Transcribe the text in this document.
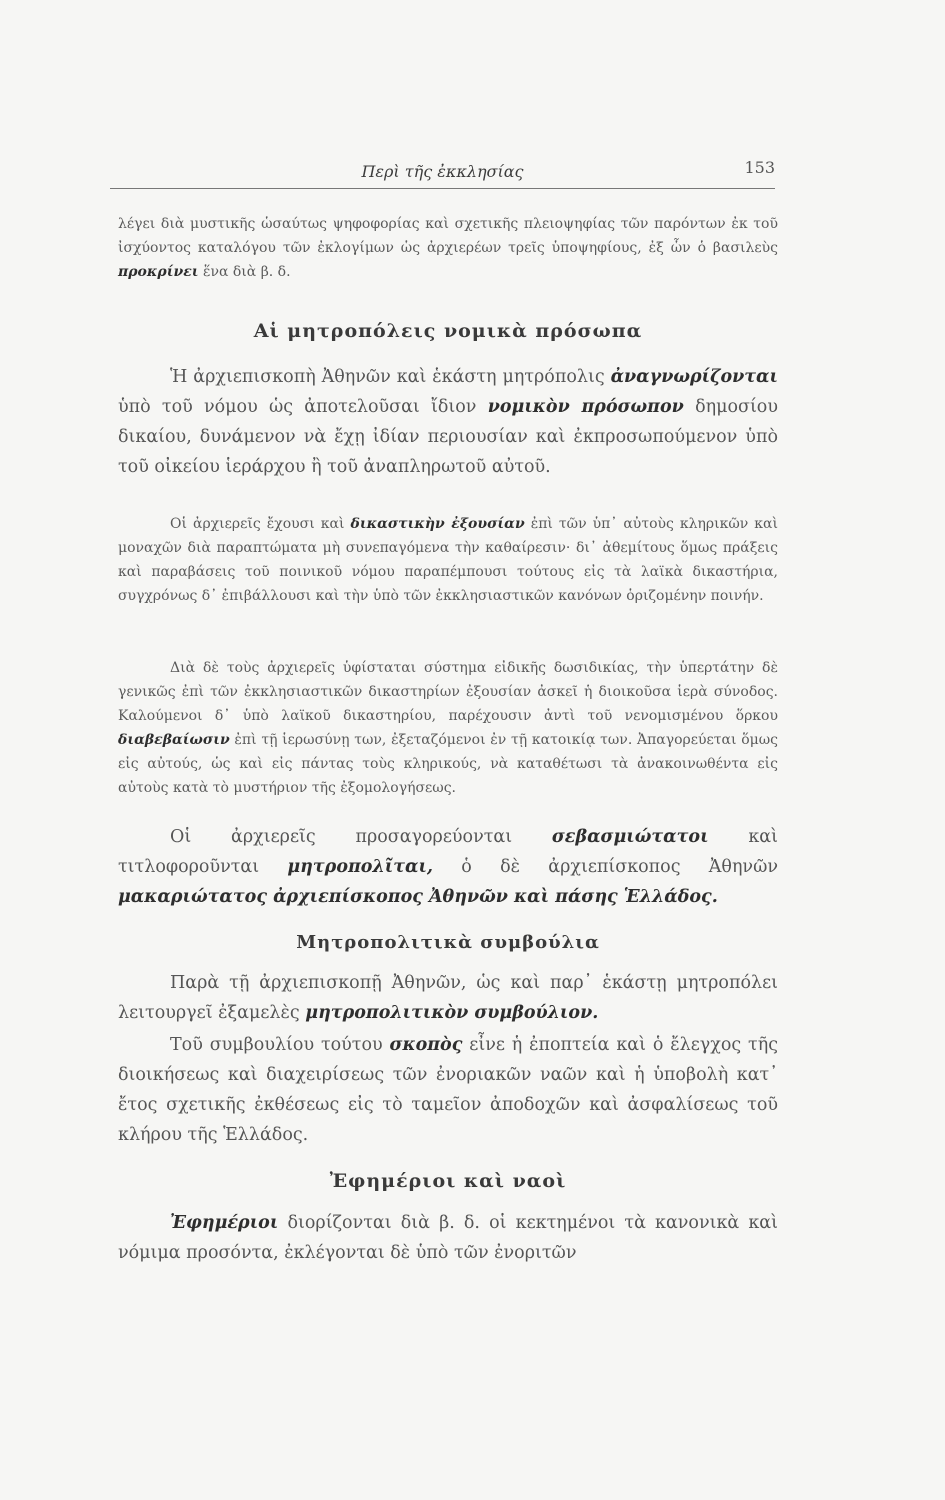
Περὶ τῆς ἐκκλησίας	153

λέγει διὰ μυστικῆς ὡσαύτως ψηφοφορίας καὶ σχετικῆς πλειοψηφίας τῶν παρόντων ἐκ τοῦ ἰσχύοντος καταλόγου τῶν ἐκλογίμων ὡς ἀρχιερέων τρεῖς ὑποψηφίους, ἐξ ὧν ὁ βασιλεὺς προκρίνει ἕνα διὰ β. δ.

Αἱ μητροπόλεις νομικὰ πρόσωπα

Ἡ ἀρχιεπισκοπὴ Ἀθηνῶν καὶ ἑκάστη μητρόπολις ἀναγνωρίζονται ὑπὸ τοῦ νόμου ὡς ἀποτελοῦσαι ἴδιον νομικὸν πρόσωπον δημοσίου δικαίου, δυνάμενον νὰ ἔχῃ ἰδίαν περιουσίαν καὶ ἐκπροσωπούμενον ὑπὸ τοῦ οἰκείου ἱεράρχου ἢ τοῦ ἀναπληρωτοῦ αὐτοῦ.

Οἱ ἀρχιερεῖς ἔχουσι καὶ δικαστικὴν ἐξουσίαν ἐπὶ τῶν ὑπ᾽ αὐτοὺς κληρικῶν καὶ μοναχῶν διὰ παραπτώματα μὴ συνεπαγόμενα τὴν καθαίρεσιν· δι᾽ ἀθεμίτους ὅμως πράξεις καὶ παραβάσεις τοῦ ποινικοῦ νόμου παραπέμπουσι τούτους εἰς τὰ λαϊκὰ δικαστήρια, συγχρόνως δ᾽ ἐπιβάλλουσι καὶ τὴν ὑπὸ τῶν ἐκκλησιαστικῶν κανόνων ὁριζομένην ποινήν.

Διὰ δὲ τοὺς ἀρχιερεῖς ὑφίσταται σύστημα εἰδικῆς δωσιδικίας, τὴν ὑπερτάτην δὲ γενικῶς ἐπὶ τῶν ἐκκλησιαστικῶν δικαστηρίων ἐξουσίαν ἀσκεῖ ἡ διοικοῦσα ἱερὰ σύνοδος. Καλούμενοι δ᾽ ὑπὸ λαϊκοῦ δικαστηρίου, παρέχουσιν ἀντὶ τοῦ νενομισμένου ὅρκου διαβεβαίωσιν ἐπὶ τῇ ἱερωσύνῃ των, ἐξεταζόμενοι ἐν τῇ κατοικίᾳ των. Ἀπαγορεύεται ὅμως εἰς αὐτούς, ὡς καὶ εἰς πάντας τοὺς κληρικούς, νὰ καταθέτωσι τὰ ἀνακοινωθέντα εἰς αὐτοὺς κατὰ τὸ μυστήριον τῆς ἐξομολογήσεως.

Οἱ ἀρχιερεῖς προσαγορεύονται σεβασμιώτατοι καὶ τιτλοφοροῦνται μητροπολῖται, ὁ δὲ ἀρχιεπίσκοπος Ἀθηνῶν μακαριώτατος ἀρχιεπίσκοπος Ἀθηνῶν καὶ πάσης Ἑλλάδος.

Μητροπολιτικὰ συμβούλια

Παρὰ τῇ ἀρχιεπισκοπῇ Ἀθηνῶν, ὡς καὶ παρ᾽ ἑκάστῃ μητροπόλει λειτουργεῖ ἐξαμελὲς μητροπολιτικὸν συμβούλιον.

Τοῦ συμβουλίου τούτου σκοπὸς εἶνε ἡ ἐποπτεία καὶ ὁ ἔλεγχος τῆς διοικήσεως καὶ διαχειρίσεως τῶν ἐνοριακῶν ναῶν καὶ ἡ ὑποβολὴ κατ᾽ ἔτος σχετικῆς ἐκθέσεως εἰς τὸ ταμεῖον ἀποδοχῶν καὶ ἀσφαλίσεως τοῦ κλήρου τῆς Ἑλλάδος.

Ἐφημέριοι καὶ ναοὶ

Ἐφημέριοι διορίζονται διὰ β. δ. οἱ κεκτημένοι τὰ κανονικὰ καὶ νόμιμα προσόντα, ἐκλέγονται δὲ ὑπὸ τῶν ἐνοριτῶν
